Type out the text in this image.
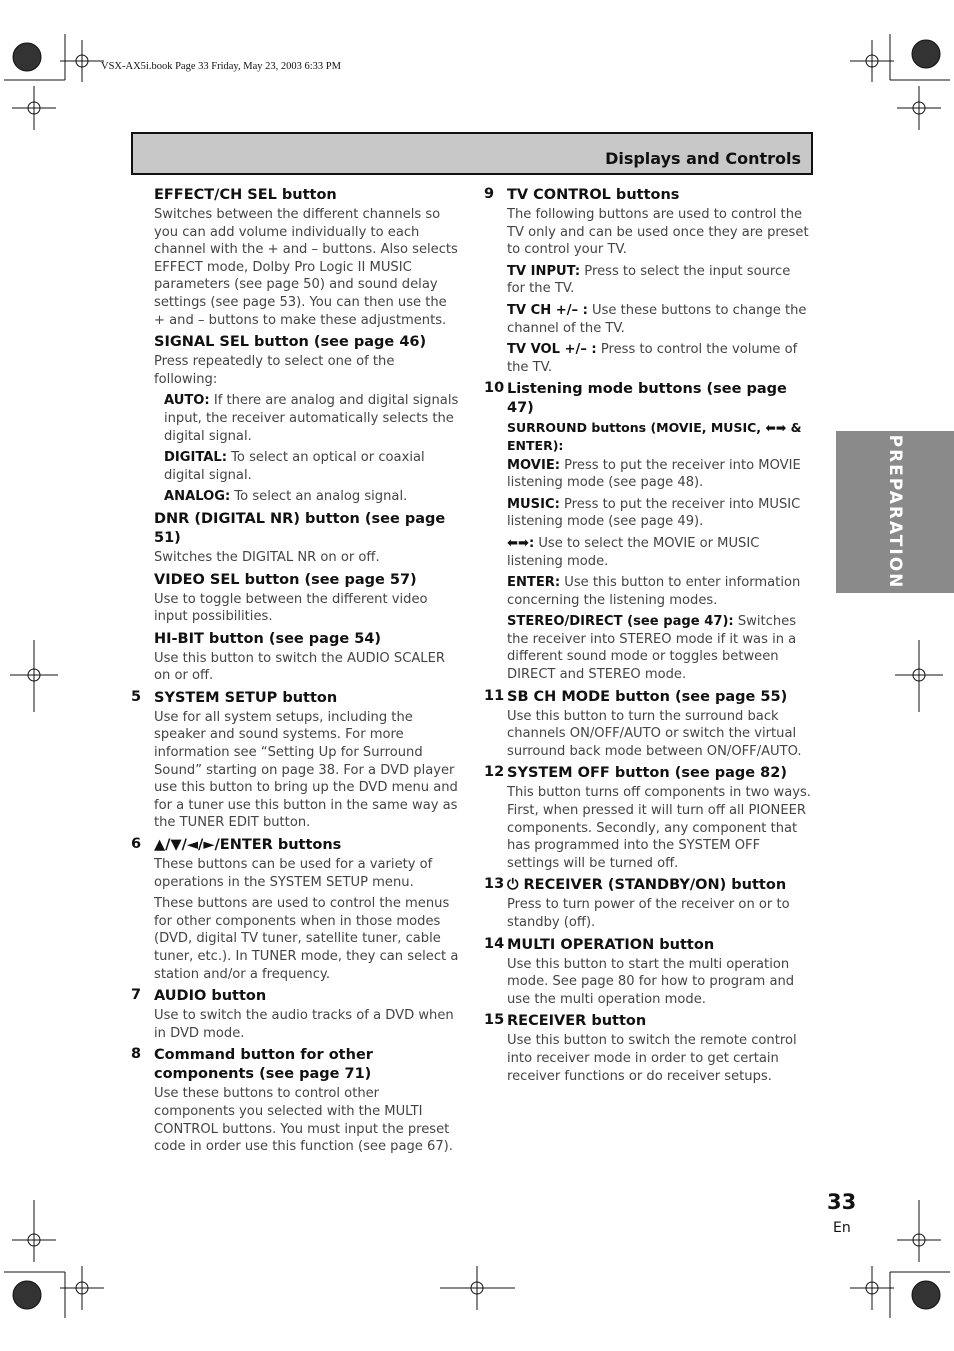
VSX-AX5i.book Page 33 Friday, May 23, 2003 6:33 PM
Displays and Controls
PREPARATION
EFFECT/CH SEL button

Switches between the different channels so you can add volume individually to each channel with the + and – buttons. Also selects EFFECT mode, Dolby Pro Logic II MUSIC parameters (see page 50) and sound delay settings (see page 53). You can then use the + and – buttons to make these adjustments.

SIGNAL SEL button (see page 46)

Press repeatedly to select one of the following:

AUTO: If there are analog and digital signals input, the receiver automatically selects the digital signal.

DIGITAL: To select an optical or coaxial digital signal.

ANALOG: To select an analog signal.

DNR (DIGITAL NR) button (see page 51)

Switches the DIGITAL NR on or off.

VIDEO SEL button (see page 57)

Use to toggle between the different video input possibilities.

HI-BIT button (see page 54)

Use this button to switch the AUDIO SCALER on or off.

5 SYSTEM SETUP button

Use for all system setups, including the speaker and sound systems. For more information see “Setting Up for Surround Sound” starting on page 38. For a DVD player use this button to bring up the DVD menu and for a tuner use this button in the same way as the TUNER EDIT button.

6 ▲/▼/◄/►/ENTER buttons

These buttons can be used for a variety of operations in the SYSTEM SETUP menu.

These buttons are used to control the menus for other components when in those modes (DVD, digital TV tuner, satellite tuner, cable tuner, etc.). In TUNER mode, they can select a station and/or a frequency.

7 AUDIO button

Use to switch the audio tracks of a DVD when in DVD mode.

8 Command button for other components (see page 71)

Use these buttons to control other components you selected with the MULTI CONTROL buttons. You must input the preset code in order use this function (see page 67).

9 TV CONTROL buttons

The following buttons are used to control the TV only and can be used once they are preset to control your TV.

TV INPUT: Press to select the input source for the TV.

TV CH +/– : Use these buttons to change the channel of the TV.

TV VOL +/– : Press to control the volume of the TV.

10 Listening mode buttons (see page 47)
SURROUND buttons (MOVIE, MUSIC, ⬅➡ & ENTER):

MOVIE: Press to put the receiver into MOVIE listening mode (see page 48).

MUSIC: Press to put the receiver into MUSIC listening mode (see page 49).

⬅➡: Use to select the MOVIE or MUSIC listening mode.

ENTER: Use this button to enter information concerning the listening modes.

STEREO/DIRECT (see page 47): Switches the receiver into STEREO mode if it was in a different sound mode or toggles between DIRECT and STEREO mode.

11 SB CH MODE button (see page 55)

Use this button to turn the surround back channels ON/OFF/AUTO or switch the virtual surround back mode between ON/OFF/AUTO.

12 SYSTEM OFF button (see page 82)

This button turns off components in two ways. First, when pressed it will turn off all PIONEER components. Secondly, any component that has programmed into the SYSTEM OFF settings will be turned off.

13 ⏻ RECEIVER (STANDBY/ON) button

Press to turn power of the receiver on or to standby (off).

14 MULTI OPERATION button

Use this button to start the multi operation mode. See page 80 for how to program and use the multi operation mode.

15 RECEIVER button

Use this button to switch the remote control into receiver mode in order to get certain receiver functions or do receiver setups.

33
En
